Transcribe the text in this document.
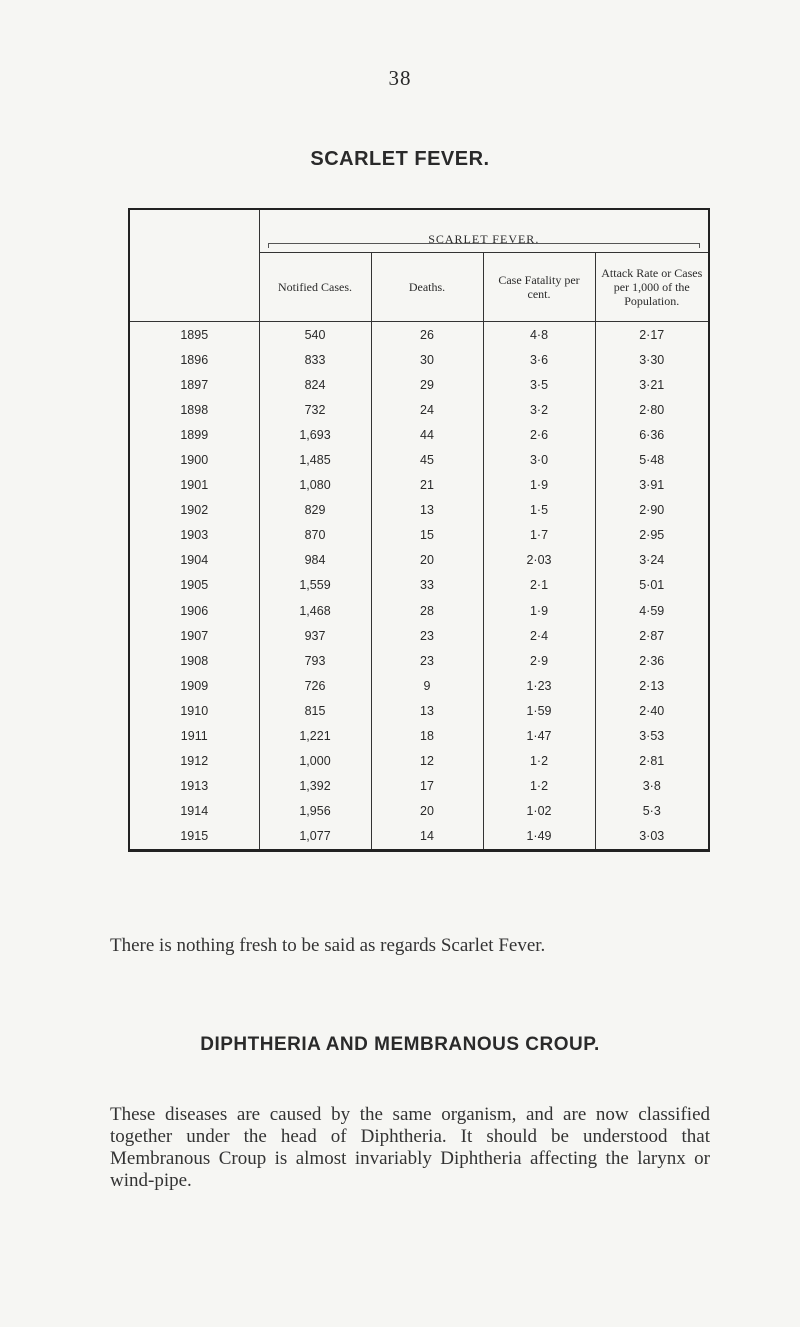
38
SCARLET FEVER.

	SCARLET FEVER.			

	Notified Cases.	Deaths.	Case Fatality per cent.	Attack Rate or Cases per 1,000 of the Population.
1895	540	26	4·8	2·17
1896	833	30	3·6	3·30
1897	824	29	3·5	3·21
1898	732	24	3·2	2·80
1899	1,693	44	2·6	6·36
1900	1,485	45	3·0	5·48
1901	1,080	21	1·9	3·91
1902	829	13	1·5	2·90
1903	870	15	1·7	2·95
1904	984	20	2·03	3·24
1905	1,559	33	2·1	5·01
1906	1,468	28	1·9	4·59
1907	937	23	2·4	2·87
1908	793	23	2·9	2·36
1909	726	9	1·23	2·13
1910	815	13	1·59	2·40
1911	1,221	18	1·47	3·53
1912	1,000	12	1·2	2·81
1913	1,392	17	1·2	3·8
1914	1,956	20	1·02	5·3
1915	1,077	14	1·49	3·03
There is nothing fresh to be said as regards Scarlet Fever.
DIPHTHERIA AND MEMBRANOUS CROUP.
These diseases are caused by the same organism, and are now classified together under the head of Diphtheria. It should be understood that Membranous Croup is almost invariably Diphtheria affecting the larynx or wind-pipe.
